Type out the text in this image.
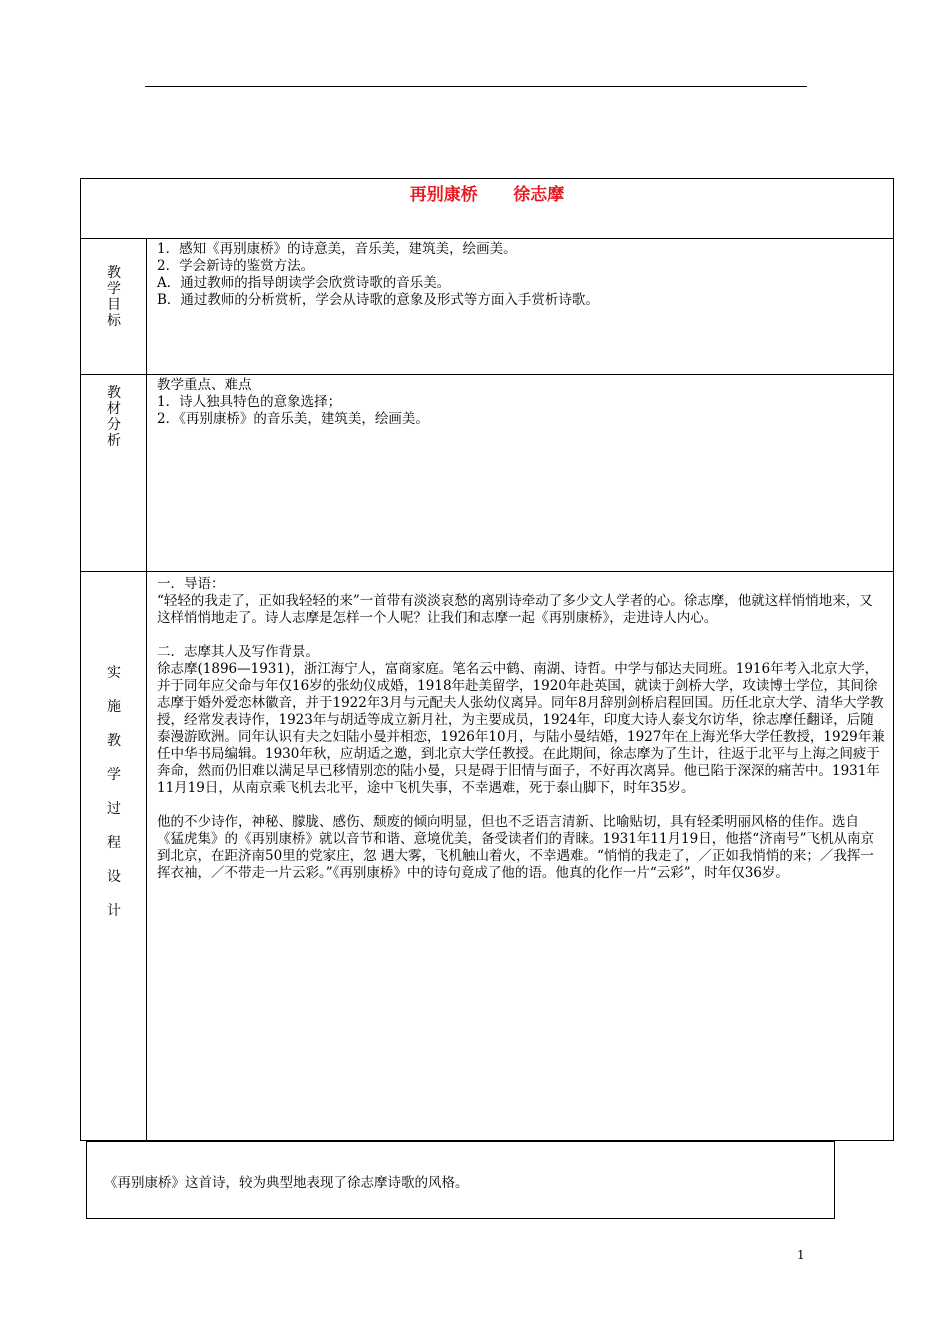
再别康桥      徐志摩
教
学
目
标

1．感知《再别康桥》的诗意美，音乐美，建筑美，绘画美。

2．学会新诗的鉴赏方法。

A．通过教师的指导朗读学会欣赏诗歌的音乐美。

B．通过教师的分析赏析，学会从诗歌的意象及形式等方面入手赏析诗歌。

教
材
分
析

教学重点、难点

1．诗人独具特色的意象选择；

2．《再别康桥》的音乐美，建筑美，绘画美。

实
施
教
学
过
程
设
计

一．导语：

“轻轻的我走了，正如我轻轻的来”一首带有淡淡哀愁的离别诗牵动了多少文人学者的心。徐志摩，他就这样悄悄地来，又这样悄悄地走了。诗人志摩是怎样一个人呢？让我们和志摩一起《再别康桥》，走进诗人内心。

二．志摩其人及写作背景。

徐志摩(1896—1931)，浙江海宁人，富商家庭。笔名云中鹤、南湖、诗哲。中学与郁达夫同班。1916年考入北京大学，并于同年应父命与年仅16岁的张幼仪成婚，1918年赴美留学，1920年赴英国，就读于剑桥大学，攻读博士学位，其间徐志摩于婚外爱恋林徽音，并于1922年3月与元配夫人张幼仪离异。同年8月辞别剑桥启程回国。历任北京大学、清华大学教授，经常发表诗作，1923年与胡适等成立新月社，为主要成员，1924年，印度大诗人泰戈尔访华，徐志摩任翻译，后随泰漫游欧洲。同年认识有夫之妇陆小曼并相恋，1926年10月，与陆小曼结婚，1927年在上海光华大学任教授，1929年兼任中华书局编辑。1930年秋，应胡适之邀，到北京大学任教授。在此期间，徐志摩为了生计，往返于北平与上海之间疲于奔命，然而仍旧难以满足早已移情别恋的陆小曼，只是碍于旧情与面子，不好再次离异。他已陷于深深的痛苦中。1931年11月19日，从南京乘飞机去北平，途中飞机失事，不幸遇难，死于泰山脚下，时年35岁。

他的不少诗作，神秘、朦胧、感伤、颓废的倾向明显，但也不乏语言清新、比喻贴切，具有轻柔明丽风格的佳作。选自《猛虎集》的《再别康桥》就以音节和谐、意境优美，备受读者们的青睐。1931年11月19日，他搭“济南号”飞机从南京到北京，在距济南50里的党家庄，忽 遇大雾，飞机触山着火，不幸遇难。“悄悄的我走了，／正如我悄悄的来；／我挥一挥衣袖，／不带走一片云彩。”《再别康桥》中的诗句竟成了他的语。他真的化作一片“云彩”，时年仅36岁。

《再别康桥》这首诗，较为典型地表现了徐志摩诗歌的风格。
1
